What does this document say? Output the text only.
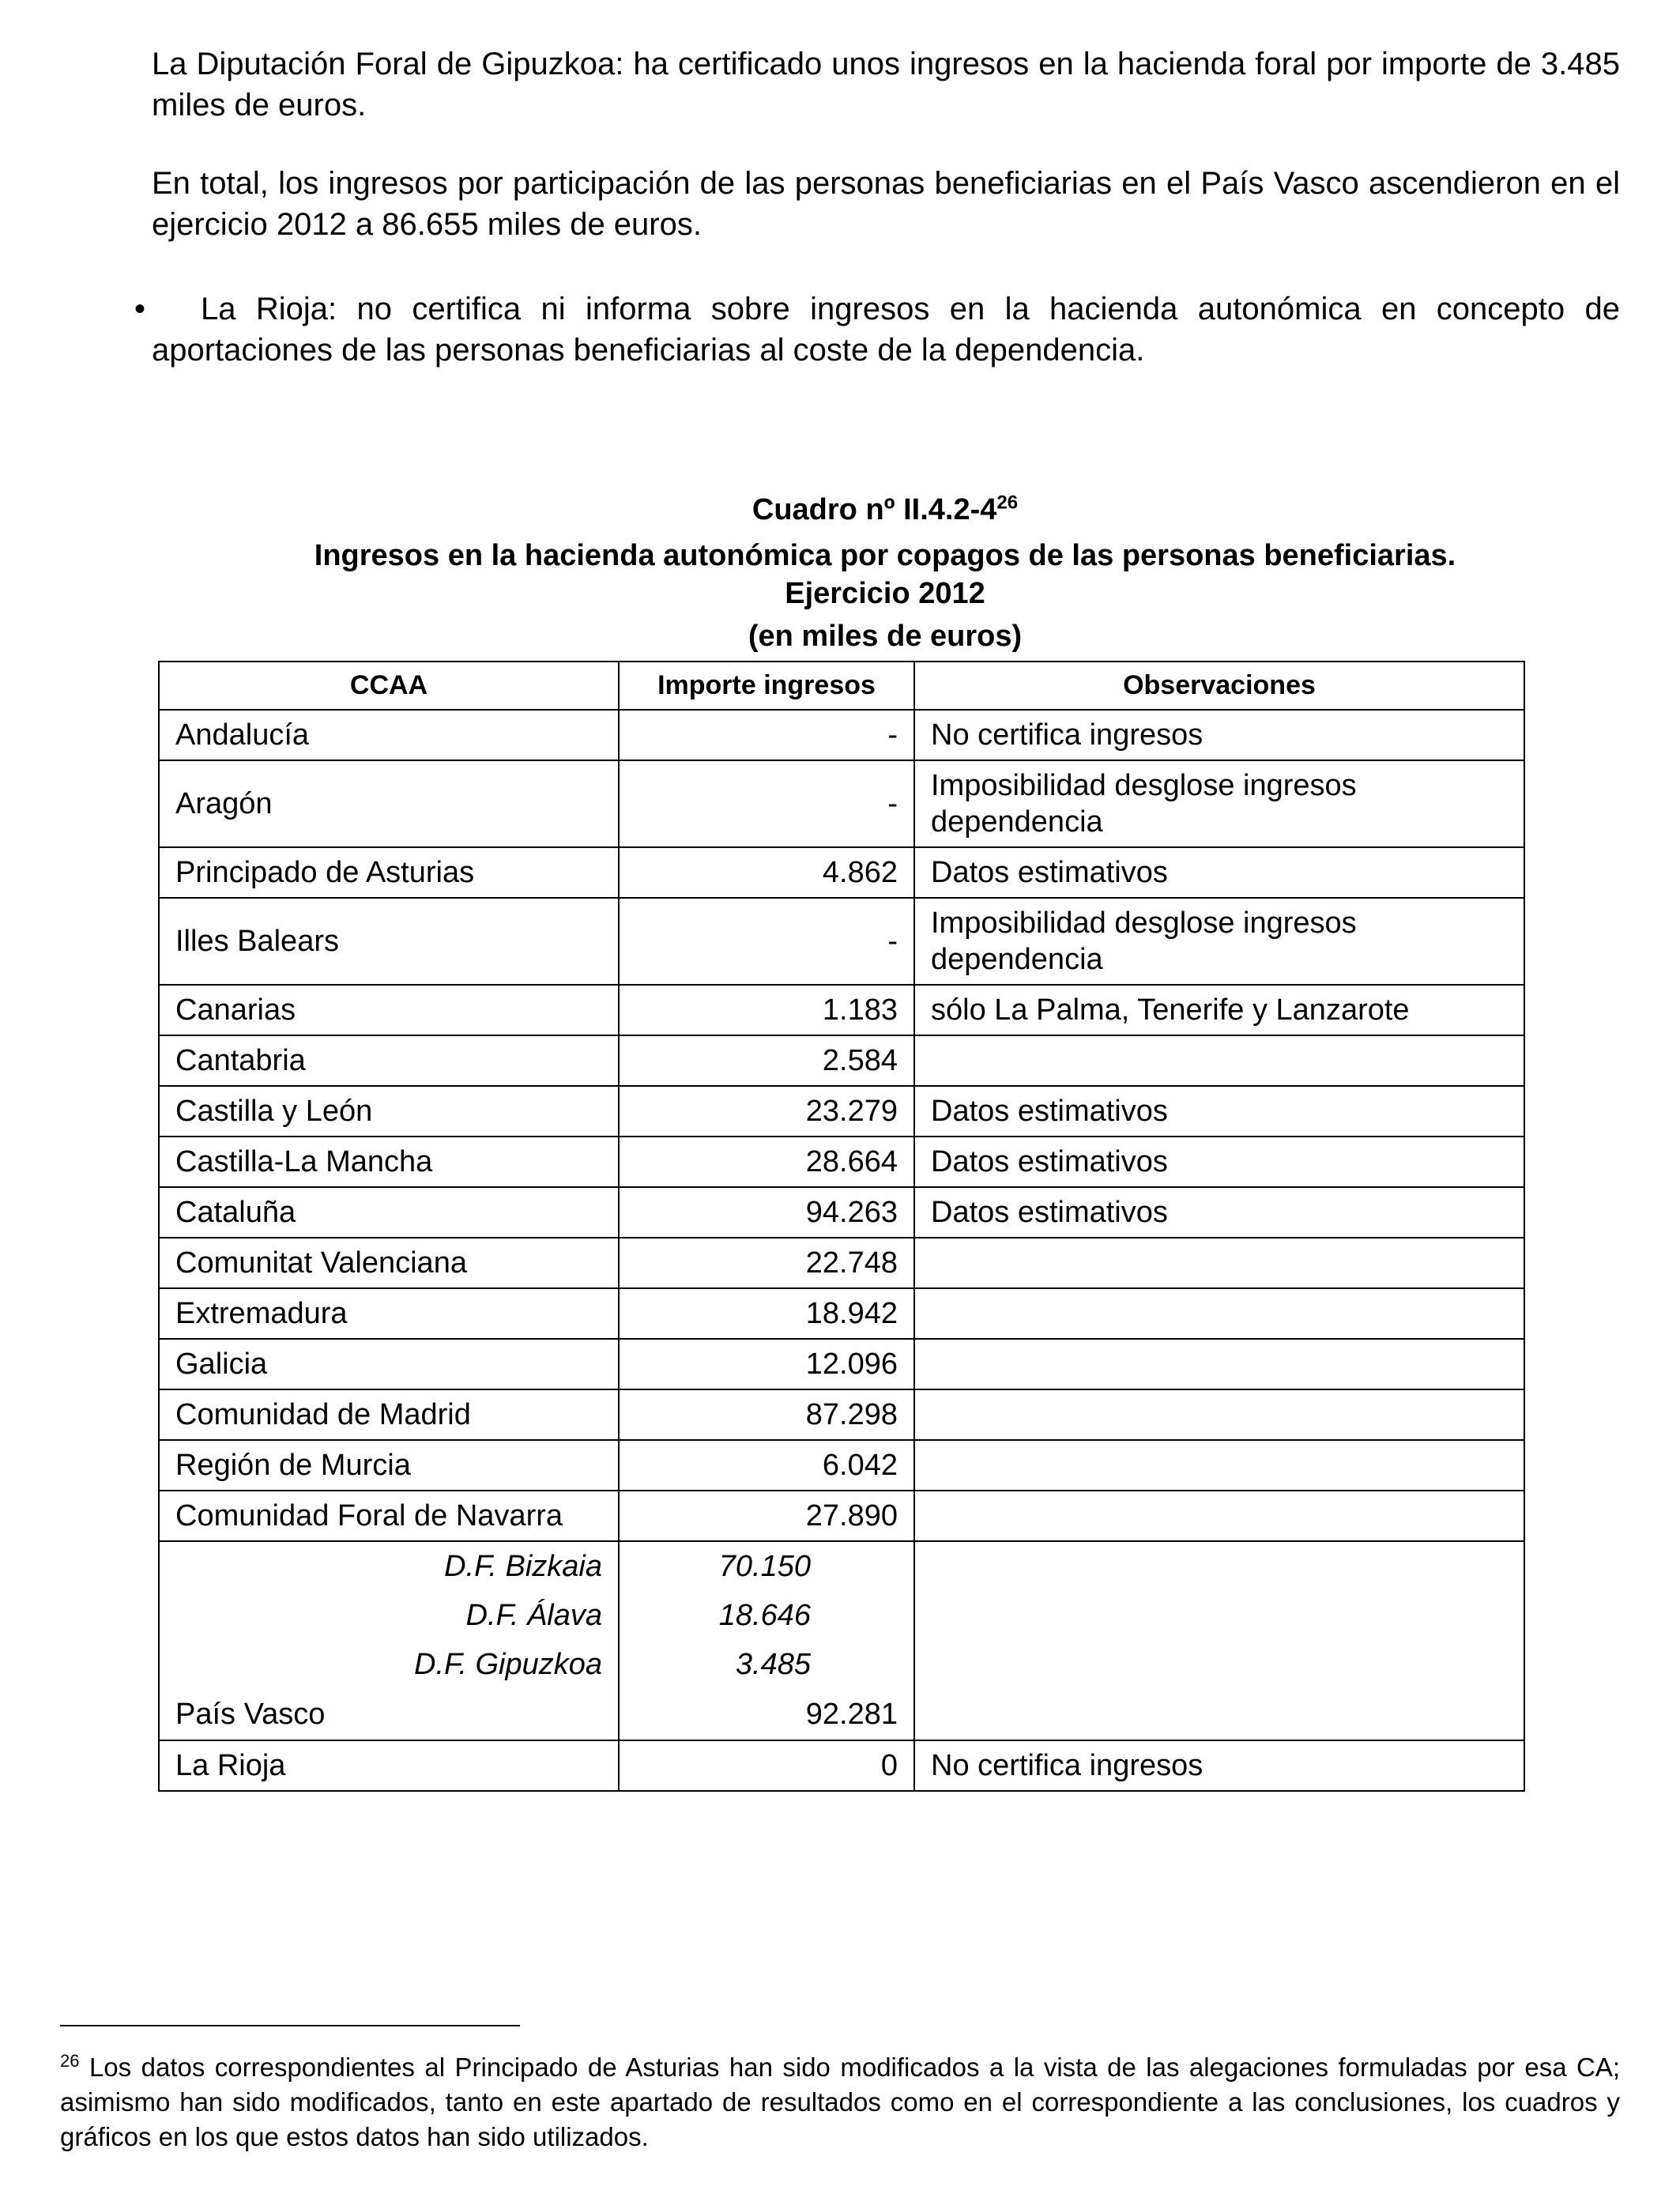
La Diputación Foral de Gipuzkoa: ha certificado unos ingresos en la hacienda foral por importe de 3.485 miles de euros.

En total, los ingresos por participación de las personas beneficiarias en el País Vasco ascendieron en el ejercicio 2012 a 86.655 miles de euros.

•	La Rioja: no certifica ni informa sobre ingresos en la hacienda autonómica en concepto de aportaciones de las personas beneficiarias al coste de la dependencia.

Cuadro nº $II.4.2-4^{26}$
Ingresos en la hacienda autonómica por copagos de las personas beneficiarias.
Ejercicio 2012
(en miles de euros)
CCAA	Importe ingresos	Observaciones
Andalucía	-	No certifica ingresos
Aragón	-	Imposibilidad desglose ingresos dependencia
Principado de Asturias	4.862	Datos estimativos
Illes Balears	-	Imposibilidad desglose ingresos dependencia
Canarias	1.183	sólo La Palma, Tenerife y Lanzarote
Cantabria	2.584	
Castilla y León	23.279	Datos estimativos
Castilla-La Mancha	28.664	Datos estimativos
Cataluña	94.263	Datos estimativos
Comunitat Valenciana	22.748	
Extremadura	18.942	
Galicia	12.096	
Comunidad de Madrid	87.298	
Región de Murcia	6.042	
Comunidad Foral de Navarra	27.890	
D.F. Bizkaia	70.150	
D.F. Álava	18.646	
D.F. Gipuzkoa	3.485	
País Vasco	92.281	
La Rioja	0	No certifica ingresos

$^{26}$ Los datos correspondientes al Principado de Asturias han sido modificados a la vista de las alegaciones formuladas por esa CA; asimismo han sido modificados, tanto en este apartado de resultados como en el correspondiente a las conclusiones, los cuadros y gráficos en los que estos datos han sido utilizados.
